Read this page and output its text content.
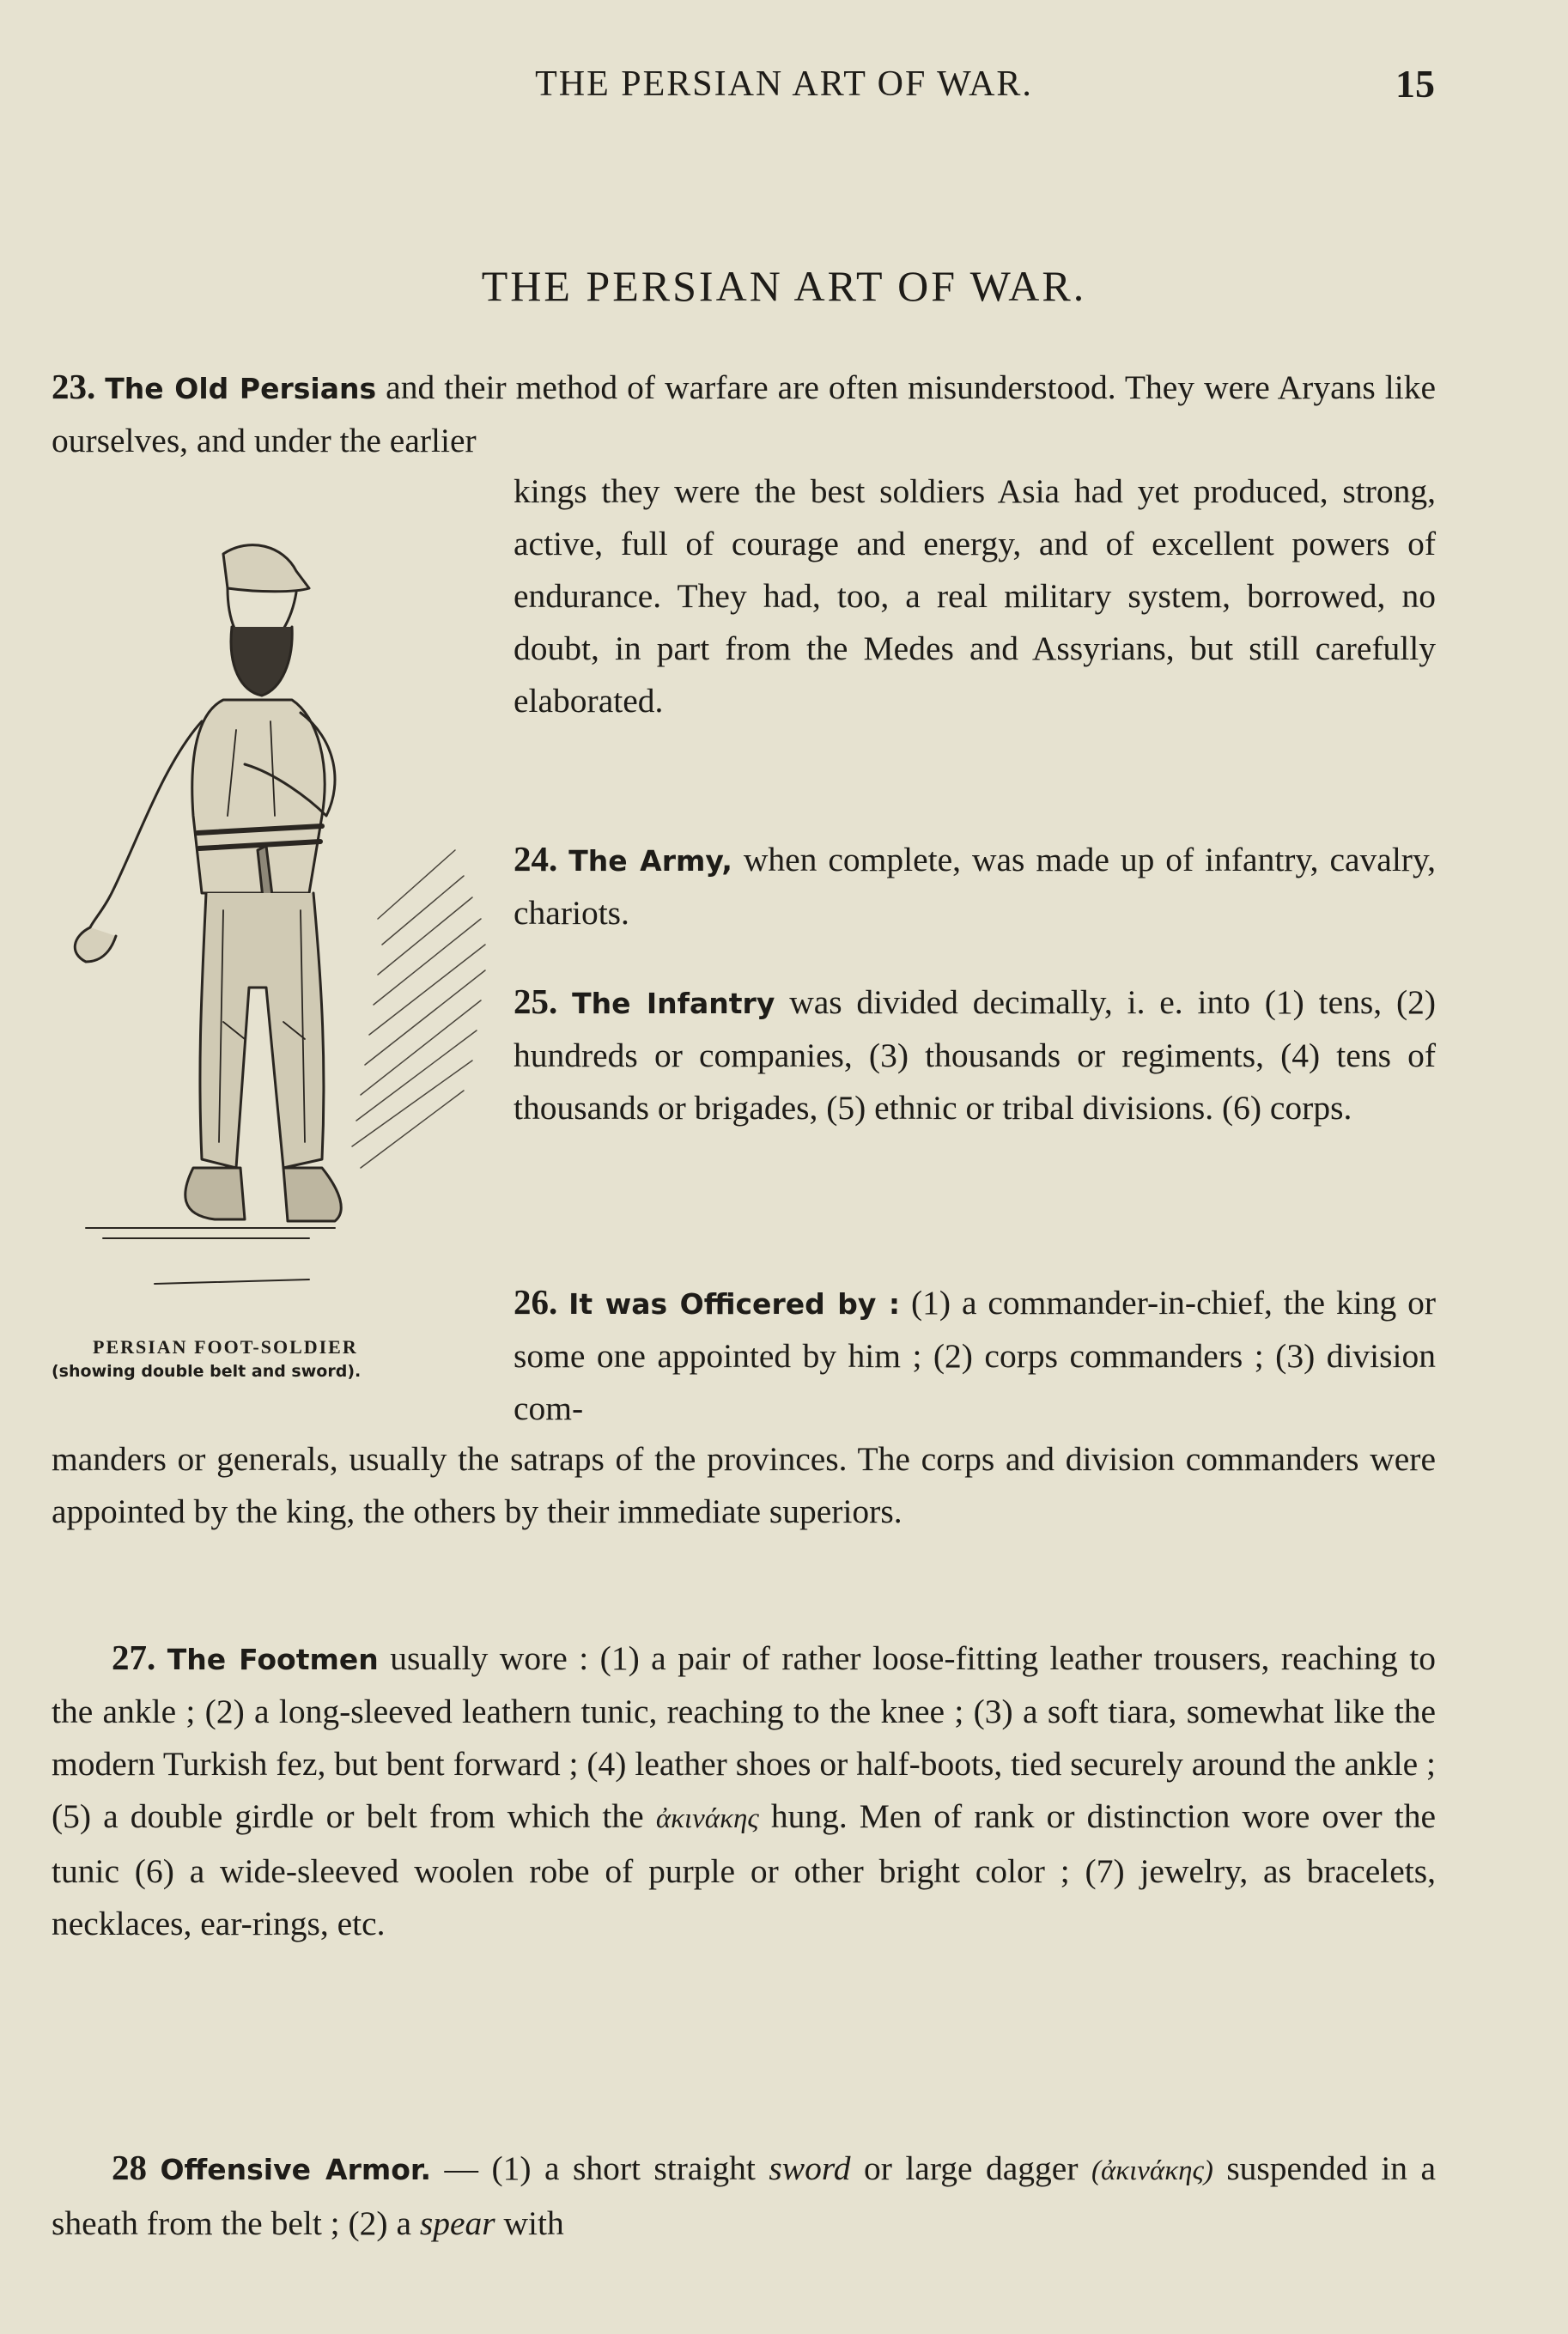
THE PERSIAN ART OF WAR.	15
THE PERSIAN ART OF WAR.

23. The Old Persians and their method of warfare are often misunderstood. They were Aryans like ourselves, and under the earlier

kings they were the best soldiers Asia had yet produced, strong, active, full of courage and energy, and of excellent powers of endurance. They had, too, a real military system, borrowed, no doubt, in part from the Medes and Assyrians, but still carefully elaborated.

24. The Army, when complete, was made up of infantry, cavalry, chariots.

25. The Infantry was divided decimally, i. e. into (1) tens, (2) hundreds or companies, (3) thousands or regiments, (4) tens of thousands or brigades, (5) ethnic or tribal divisions. (6) corps.

26. It was Officered by : (1) a commander-in-chief, the king or some one appointed by him ; (2) corps commanders ; (3) division com-

manders or generals, usually the satraps of the provinces. The corps and division commanders were appointed by the king, the others by their immediate superiors.

27. The Footmen usually wore : (1) a pair of rather loose-fitting leather trousers, reaching to the ankle ; (2) a long-sleeved leathern tunic, reaching to the knee ; (3) a soft tiara, somewhat like the modern Turkish fez, but bent forward ; (4) leather shoes or half-boots, tied securely around the ankle ; (5) a double girdle or belt from which the ἀκινάκης hung. Men of rank or distinction wore over the tunic (6) a wide-sleeved woolen robe of purple or other bright color ; (7) jewelry, as bracelets, necklaces, ear-rings, etc.

28 Offensive Armor. — (1) a short straight sword or large dagger (ἀκινάκης) suspended in a sheath from the belt ; (2) a spear with

PERSIAN FOOT-SOLDIER
(showing double belt and sword).
